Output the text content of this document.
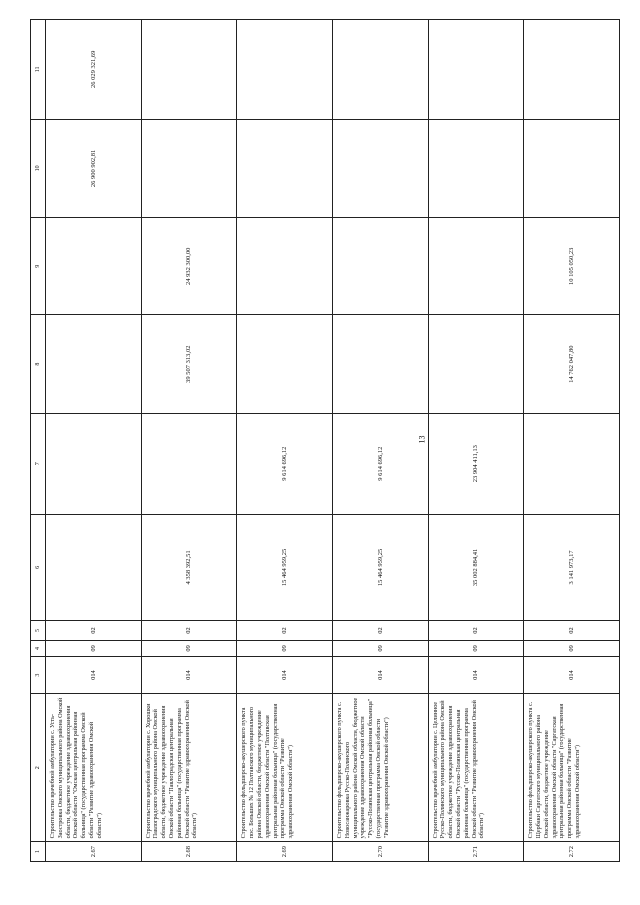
13
1	2	3	4	5	6	7	8	9	10	11
2.67	Строительство врачебной амбулатории с. Усть-Заостровка Омского муниципального района Омской области, бюджетное учреждение здравоохранения Омской области "Омская центральная районная больница" (государственная программа Омской области "Развитие здравоохранения Омской области")	014	09	02					26 900 902,81	26 029 321,69
2.68	Строительство врачебной амбулатории с. Хорошки Павлоградского муниципального района Омской области, бюджетное учреждение здравоохранения Омской области "Павлоградская центральная районная больница" (государственная программа Омской области "Развитие здравоохранения Омской области")	014	09	02	4 358 392,51		39 507 313,02	24 932 300,00		
2.69	Строительство фельдшерско-акушерского пункта пос. Больших № 12 Полтавского муниципального района Омской области, бюджетное учреждение здравоохранения Омской области "Полтавская центральная районная больница" (государственная программа Омской области "Развитие здравоохранения Омской области")	014	09	02	15 464 959,25	9 614 696,12				
2.70	Строительство фельдшерско-акушерского пункта с. Новосанжаровка Русско-Полянского муниципального района Омской области, бюджетное учреждение здравоохранения Омской области "Русско-Полянская центральная районная больница" (государственная программа Омской области "Развитие здравоохранения Омской области")	014	09	02	15 464 959,25	9 614 696,12				
2.71	Строительство врачебной амбулатории с. Целинное Русско-Полянского муниципального района Омской области, бюджетное учреждение здравоохранения Омской области "Русско-Полянская центральная районная больница" (государственная программа Омской области "Развитие здравоохранения Омской области")	014	09	02	35 002 884,41	23 904 411,13				
2.72	Строительство фельдшерско-акушерского пункта с. Щербаки Саргатского муниципального района Омской области, бюджетное учреждение здравоохранения Омской области "Саргатская центральная районная больница" (государственная программа Омской области "Развитие здравоохранения Омской области")	014	09	02	3 141 973,17		14 762 047,80	10 105 050,23		
